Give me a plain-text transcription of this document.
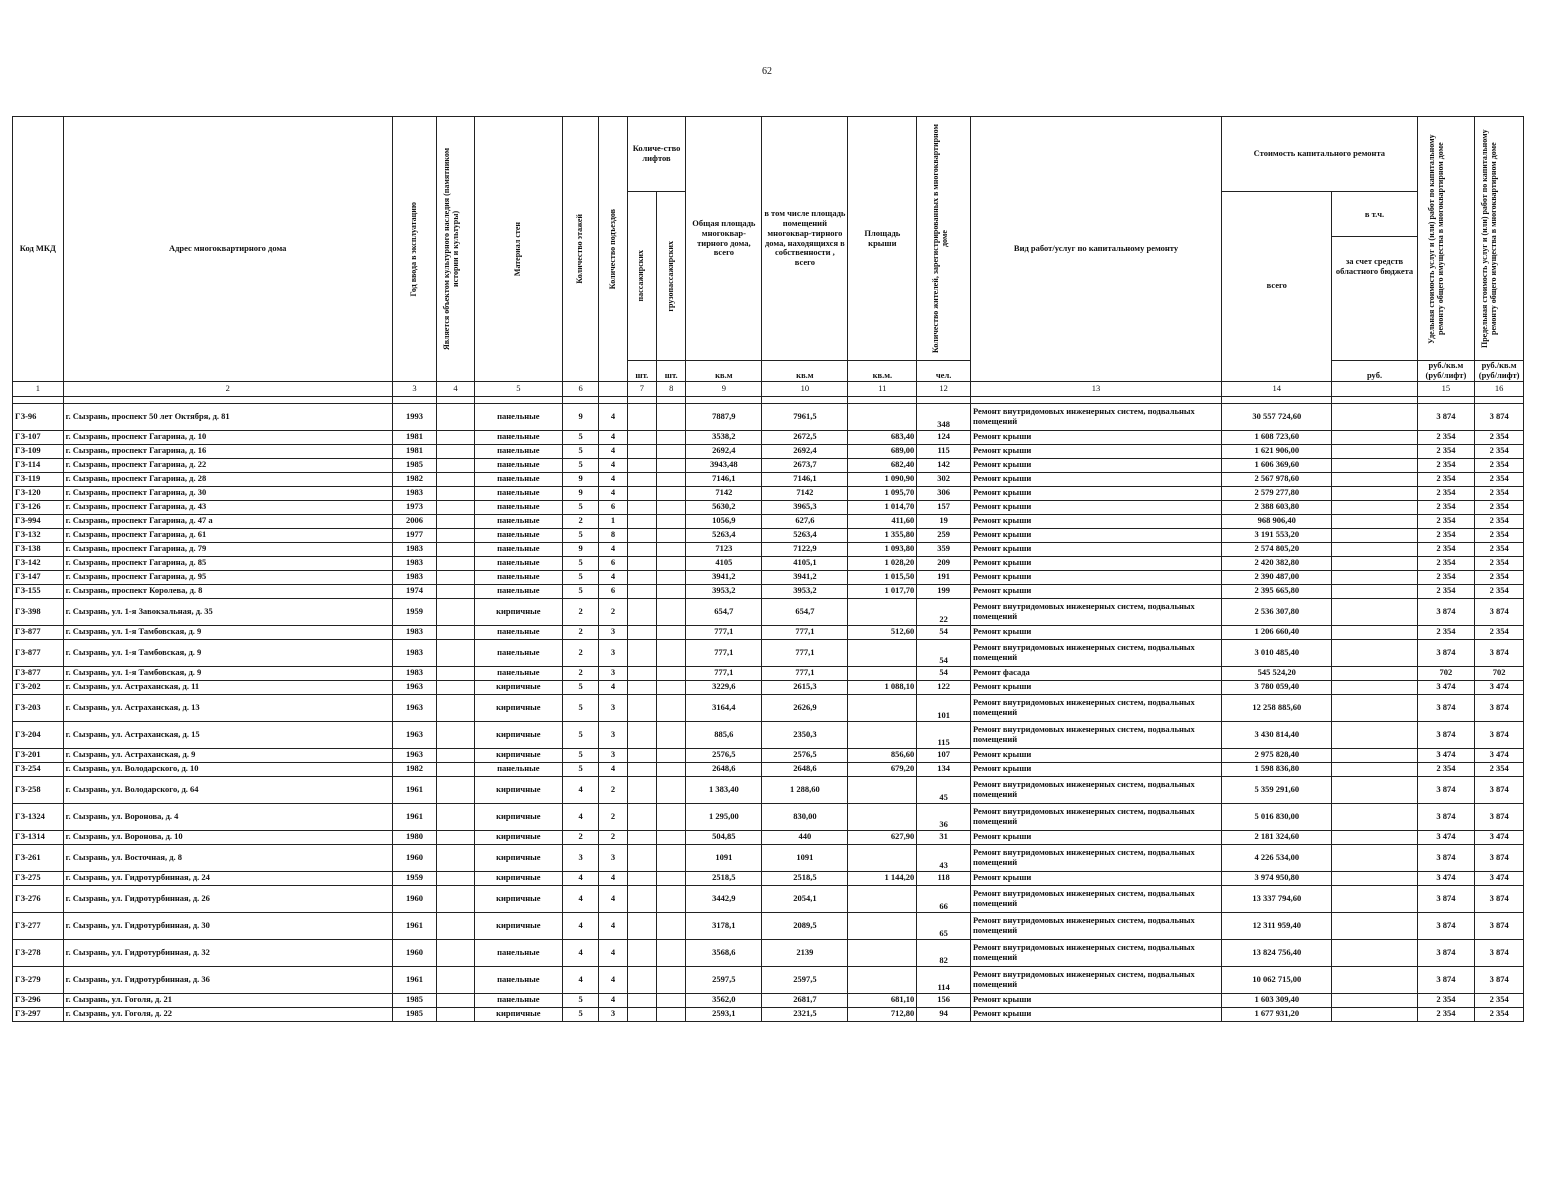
62
Код МКД	Адрес многоквартирного дома	Год ввода в эксплуатацию	Является объектом культурного наследия (памятником истории и культуры)	Материал стен	Количество этажей	Количество подъездов	Количе-ство лифтов		Общая площадь многоквар-тирного дома, всего	в том числе площадь помещений многоквар-тирного дома, находящихся в собственности , всего	Площадь крыши	Количество жителей, зарегистрированных в многоквартирном доме	Вид работ/услуг по капитальному ремонту	Стоимость капитального ремонта		Удельная стоимость услуг и (или) работ по капитальному ремонту общего имущества в многоквартирном доме	Предельная стоимость услуг и (или) работ по капитальному ремонту общего имущества в многоквартирном доме

							пассажирских	грузопассажирских						всего	в т.ч.
за счет средств областного бюджета		

							шт.	шт.	кв.м	кв.м	кв.м.	чел.			руб.	руб./кв.м (руб/лифт)	руб./кв.м (руб/лифт)
1	2	3	4	5	6		7	8	9	10	11	12	13	14		15	16

ГЗ-96	г. Сызрань, проспект 50 лет Октября, д. 81	1993		панельные	9	4			7887,9	7961,5		348	Ремонт внутридомовых инженерных систем, подвальных помещений	30 557 724,60		3 874	3 874
ГЗ-107	г. Сызрань, проспект Гагарина, д. 10	1981		панельные	5	4			3538,2	2672,5	683,40	124	Ремонт крыши	1 608 723,60		2 354	2 354
ГЗ-109	г. Сызрань, проспект Гагарина, д. 16	1981		панельные	5	4			2692,4	2692,4	689,00	115	Ремонт крыши	1 621 906,00		2 354	2 354
ГЗ-114	г. Сызрань, проспект Гагарина, д. 22	1985		панельные	5	4			3943,48	2673,7	682,40	142	Ремонт крыши	1 606 369,60		2 354	2 354
ГЗ-119	г. Сызрань, проспект Гагарина, д. 28	1982		панельные	9	4			7146,1	7146,1	1 090,90	302	Ремонт крыши	2 567 978,60		2 354	2 354
ГЗ-120	г. Сызрань, проспект Гагарина, д. 30	1983		панельные	9	4			7142	7142	1 095,70	306	Ремонт крыши	2 579 277,80		2 354	2 354
ГЗ-126	г. Сызрань, проспект Гагарина, д. 43	1973		панельные	5	6			5630,2	3965,3	1 014,70	157	Ремонт крыши	2 388 603,80		2 354	2 354
ГЗ-994	г. Сызрань, проспект Гагарина, д. 47 а	2006		панельные	2	1			1056,9	627,6	411,60	19	Ремонт крыши	968 906,40		2 354	2 354
ГЗ-132	г. Сызрань, проспект Гагарина, д. 61	1977		панельные	5	8			5263,4	5263,4	1 355,80	259	Ремонт крыши	3 191 553,20		2 354	2 354
ГЗ-138	г. Сызрань, проспект Гагарина, д. 79	1983		панельные	9	4			7123	7122,9	1 093,80	359	Ремонт крыши	2 574 805,20		2 354	2 354
ГЗ-142	г. Сызрань, проспект Гагарина, д. 85	1983		панельные	5	6			4105	4105,1	1 028,20	209	Ремонт крыши	2 420 382,80		2 354	2 354
ГЗ-147	г. Сызрань, проспект Гагарина, д. 95	1983		панельные	5	4			3941,2	3941,2	1 015,50	191	Ремонт крыши	2 390 487,00		2 354	2 354
ГЗ-155	г. Сызрань, проспект Королева, д. 8	1974		панельные	5	6			3953,2	3953,2	1 017,70	199	Ремонт крыши	2 395 665,80		2 354	2 354
ГЗ-398	г. Сызрань, ул. 1-я Завокзальная, д. 35	1959		кирпичные	2	2			654,7	654,7		22	Ремонт внутридомовых инженерных систем, подвальных помещений	2 536 307,80		3 874	3 874
ГЗ-877	г. Сызрань, ул. 1-я Тамбовская, д. 9	1983		панельные	2	3			777,1	777,1	512,60	54	Ремонт крыши	1 206 660,40		2 354	2 354
ГЗ-877	г. Сызрань, ул. 1-я Тамбовская, д. 9	1983		панельные	2	3			777,1	777,1		54	Ремонт внутридомовых инженерных систем, подвальных помещений	3 010 485,40		3 874	3 874
ГЗ-877	г. Сызрань, ул. 1-я Тамбовская, д. 9	1983		панельные	2	3			777,1	777,1		54	Ремонт фасада	545 524,20		702	702
ГЗ-202	г. Сызрань, ул. Астраханская, д. 11	1963		кирпичные	5	4			3229,6	2615,3	1 088,10	122	Ремонт крыши	3 780 059,40		3 474	3 474
ГЗ-203	г. Сызрань, ул. Астраханская, д. 13	1963		кирпичные	5	3			3164,4	2626,9		101	Ремонт внутридомовых инженерных систем, подвальных помещений	12 258 885,60		3 874	3 874
ГЗ-204	г. Сызрань, ул. Астраханская, д. 15	1963		кирпичные	5	3			885,6	2350,3		115	Ремонт внутридомовых инженерных систем, подвальных помещений	3 430 814,40		3 874	3 874
ГЗ-201	г. Сызрань, ул. Астраханская, д. 9	1963		кирпичные	5	3			2576,5	2576,5	856,60	107	Ремонт крыши	2 975 828,40		3 474	3 474
ГЗ-254	г. Сызрань, ул. Володарского, д. 10	1982		панельные	5	4			2648,6	2648,6	679,20	134	Ремонт крыши	1 598 836,80		2 354	2 354
ГЗ-258	г. Сызрань, ул. Володарского, д. 64	1961		кирпичные	4	2			1 383,40	1 288,60		45	Ремонт внутридомовых инженерных систем, подвальных помещений	5 359 291,60		3 874	3 874
ГЗ-1324	г. Сызрань, ул. Воронова, д. 4	1961		кирпичные	4	2			1 295,00	830,00		36	Ремонт внутридомовых инженерных систем, подвальных помещений	5 016 830,00		3 874	3 874
ГЗ-1314	г. Сызрань, ул. Воронова, д. 10	1980		кирпичные	2	2			504,85	440	627,90	31	Ремонт крыши	2 181 324,60		3 474	3 474
ГЗ-261	г. Сызрань, ул. Восточная, д. 8	1960		кирпичные	3	3			1091	1091		43	Ремонт внутридомовых инженерных систем, подвальных помещений	4 226 534,00		3 874	3 874
ГЗ-275	г. Сызрань, ул. Гидротурбинная, д. 24	1959		кирпичные	4	4			2518,5	2518,5	1 144,20	118	Ремонт крыши	3 974 950,80		3 474	3 474
ГЗ-276	г. Сызрань, ул. Гидротурбинная, д. 26	1960		кирпичные	4	4			3442,9	2054,1		66	Ремонт внутридомовых инженерных систем, подвальных помещений	13 337 794,60		3 874	3 874
ГЗ-277	г. Сызрань, ул. Гидротурбинная, д. 30	1961		кирпичные	4	4			3178,1	2089,5		65	Ремонт внутридомовых инженерных систем, подвальных помещений	12 311 959,40		3 874	3 874
ГЗ-278	г. Сызрань, ул. Гидротурбинная, д. 32	1960		панельные	4	4			3568,6	2139		82	Ремонт внутридомовых инженерных систем, подвальных помещений	13 824 756,40		3 874	3 874
ГЗ-279	г. Сызрань, ул. Гидротурбинная, д. 36	1961		панельные	4	4			2597,5	2597,5		114	Ремонт внутридомовых инженерных систем, подвальных помещений	10 062 715,00		3 874	3 874
ГЗ-296	г. Сызрань, ул. Гоголя, д. 21	1985		панельные	5	4			3562,0	2681,7	681,10	156	Ремонт крыши	1 603 309,40		2 354	2 354
ГЗ-297	г. Сызрань, ул. Гоголя, д. 22	1985		кирпичные	5	3			2593,1	2321,5	712,80	94	Ремонт крыши	1 677 931,20		2 354	2 354
